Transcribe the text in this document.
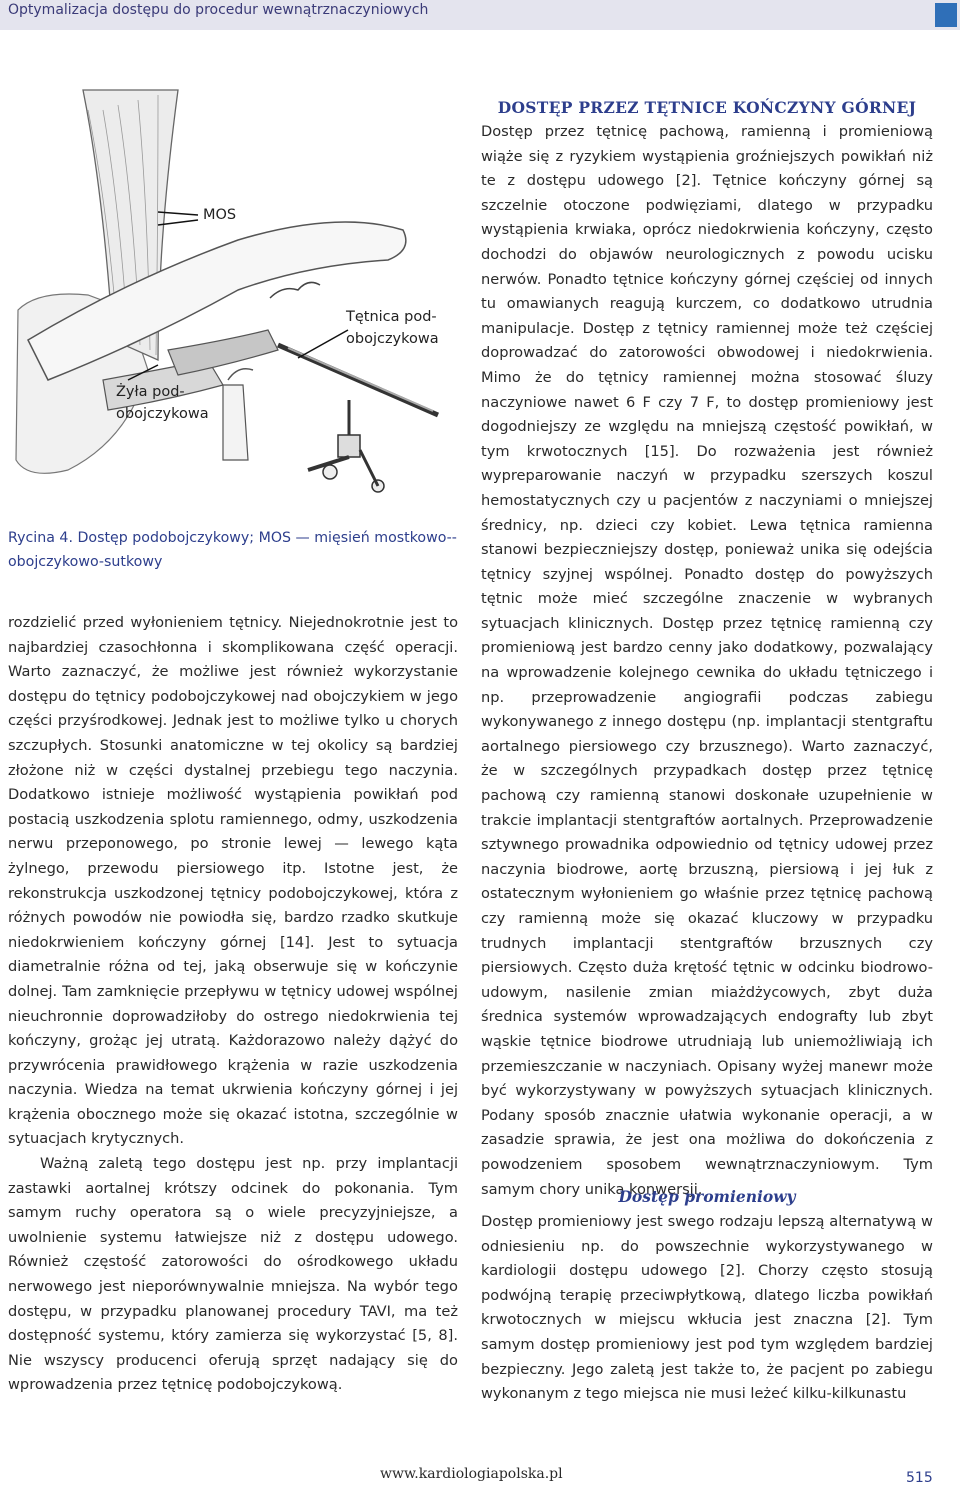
Optymalizacja dostępu do procedur wewnątrznaczyniowych
MOS
Tętnica pod-
obojczykowa
Żyła pod-
obojczykowa
Rycina 4. Dostęp podobojczykowy; MOS — mięsień mostkowo--obojczykowo-sutkowy

rozdzielić przed wyłonieniem tętnicy. Niejednokrotnie jest to najbardziej czasochłonna i skomplikowana część operacji. Warto zaznaczyć, że możliwe jest również wykorzystanie dostępu do tętnicy podobojczykowej nad obojczykiem w jego części przyśrodkowej. Jednak jest to możliwe tylko u chorych szczupłych. Stosunki anatomiczne w tej okolicy są bardziej złożone niż w części dystalnej przebiegu tego naczynia. Dodatkowo istnieje możliwość wystąpienia powikłań pod postacią uszkodzenia splotu ramiennego, odmy, uszkodzenia nerwu przeponowego, po stronie lewej — lewego kąta żylnego, przewodu piersiowego itp. Istotne jest, że rekonstrukcja uszkodzonej tętnicy podobojczykowej, która z różnych powodów nie powiodła się, bardzo rzadko skutkuje niedokrwieniem kończyny górnej [14]. Jest to sytuacja diametralnie różna od tej, jaką obserwuje się w kończynie dolnej. Tam zamknięcie przepływu w tętnicy udowej wspólnej nieuchronnie doprowadziłoby do ostrego niedokrwienia tej kończyny, grożąc jej utratą. Każdorazowo należy dążyć do przywrócenia prawidłowego krążenia w razie uszkodzenia naczynia. Wiedza na temat ukrwienia kończyny górnej i jej krążenia obocznego może się okazać istotna, szczególnie w sytuacjach krytycznych.

Ważną zaletą tego dostępu jest np. przy implantacji zastawki aortalnej krótszy odcinek do pokonania. Tym samym ruchy operatora są o wiele precyzyjniejsze, a uwolnienie systemu łatwiejsze niż z dostępu udowego. Również częstość zatorowości do ośrodkowego układu nerwowego jest nieporównywalnie mniejsza. Na wybór tego dostępu, w przypadku planowanej procedury TAVI, ma też dostępność systemu, który zamierza się wykorzystać [5, 8]. Nie wszyscy producenci oferują sprzęt nadający się do wprowadzenia przez tętnicę podobojczykową.

DOSTĘP PRZEZ TĘTNICE KOŃCZYNY GÓRNEJ

Dostęp przez tętnicę pachową, ramienną i promieniową wiąże się z ryzykiem wystąpienia groźniejszych powikłań niż te z dostępu udowego [2]. Tętnice kończyny górnej są szczelnie otoczone podwięziami, dlatego w przypadku wystąpienia krwiaka, oprócz niedokrwienia kończyny, często dochodzi do objawów neurologicznych z powodu ucisku nerwów. Ponadto tętnice kończyny górnej częściej od innych tu omawianych reagują kurczem, co dodatkowo utrudnia manipulacje. Dostęp z tętnicy ramiennej może też częściej doprowadzać do zatorowości obwodowej i niedokrwienia. Mimo że do tętnicy ramiennej można stosować śluzy naczyniowe nawet 6 F czy 7 F, to dostęp promieniowy jest dogodniejszy ze względu na mniejszą częstość powikłań, w tym krwotocznych [15]. Do rozważenia jest również wypreparowanie naczyń w przypadku szerszych koszul hemostatycznych czy u pacjentów z naczyniami o mniejszej średnicy, np. dzieci czy kobiet. Lewa tętnica ramienna stanowi bezpieczniejszy dostęp, ponieważ unika się odejścia tętnicy szyjnej wspólnej. Ponadto dostęp do powyższych tętnic może mieć szczególne znaczenie w wybranych sytuacjach klinicznych. Dostęp przez tętnicę ramienną czy promieniową jest bardzo cenny jako dodatkowy, pozwalający na wprowadzenie kolejnego cewnika do układu tętniczego i np. przeprowadzenie angiografii podczas zabiegu wykonywanego z innego dostępu (np. implantacji stentgraftu aortalnego piersiowego czy brzusznego). Warto zaznaczyć, że w szczególnych przypadkach dostęp przez tętnicę pachową czy ramienną stanowi doskonałe uzupełnienie w trakcie implantacji stentgraftów aortalnych. Przeprowadzenie sztywnego prowadnika odpowiednio od tętnicy udowej przez naczynia biodrowe, aortę brzuszną, piersiową i jej łuk z ostatecznym wyłonieniem go właśnie przez tętnicę pachową czy ramienną może się okazać kluczowy w przypadku trudnych implantacji stentgraftów brzusznych czy piersiowych. Często duża krętość tętnic w odcinku biodrowo-udowym, nasilenie zmian miażdżycowych, zbyt duża średnica systemów wprowadzających endografty lub zbyt wąskie tętnice biodrowe utrudniają lub uniemożliwiają ich przemieszczanie w naczyniach. Opisany wyżej manewr może być wykorzystywany w powyższych sytuacjach klinicznych. Podany sposób znacznie ułatwia wykonanie operacji, a w zasadzie sprawia, że jest ona możliwa do dokończenia z powodzeniem sposobem wewnątrznaczyniowym. Tym samym chory unika konwersji.

Dostęp promieniowy

Dostęp promieniowy jest swego rodzaju lepszą alternatywą w odniesieniu np. do powszechnie wykorzystywanego w kardiologii dostępu udowego [2]. Chorzy często stosują podwójną terapię przeciwpłytkową, dlatego liczba powikłań krwotocznych w miejscu wkłucia jest znaczna [2]. Tym samym dostęp promieniowy jest pod tym względem bardziej bezpieczny. Jego zaletą jest także to, że pacjent po zabiegu wykonanym z tego miejsca nie musi leżeć kilku-kilkunastu

www.kardiologiapolska.pl	515
